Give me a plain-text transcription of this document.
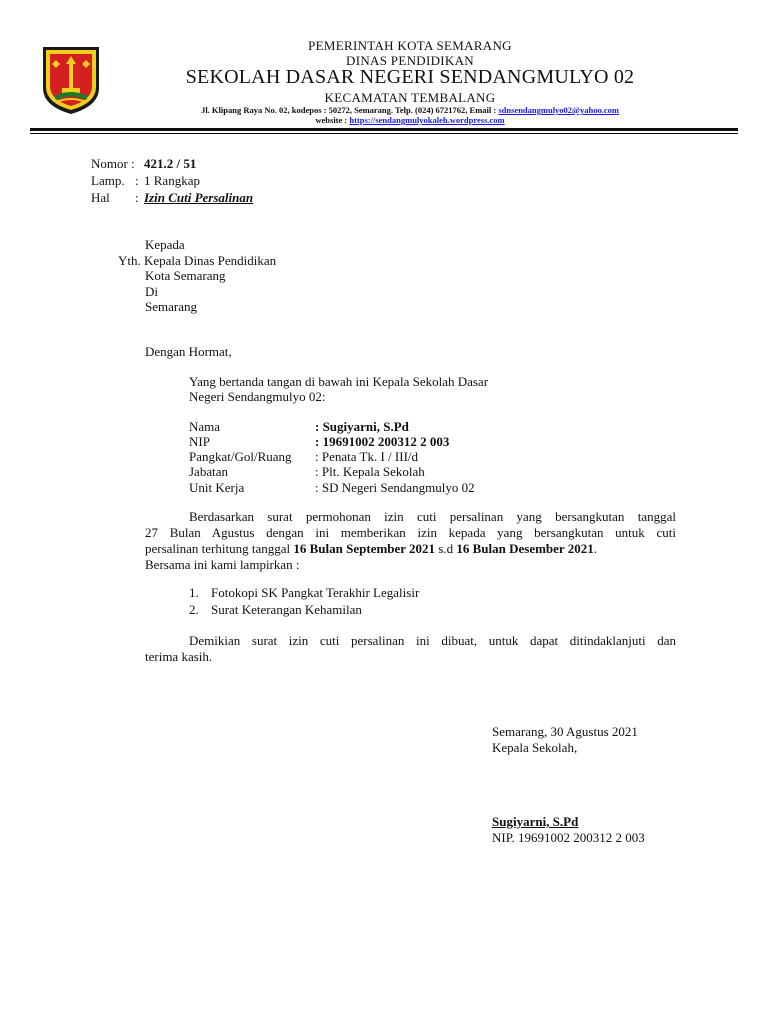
PEMERINTAH KOTA SEMARANG
DINAS PENDIDIKAN
SEKOLAH DASAR NEGERI SENDANGMULYO 02
KECAMATAN TEMBALANG
Jl. Klipang Raya No. 02, kodepos : 50272, Semarang. Telp. (024) 6721762, Email : sdnsendangmulyo02@yahoo.com
website : https://sendangmulyokaleh.wordpress.com
Nomor : 421.2 / 51
Lamp. : 1 Rangkap
Hal : Izin Cuti Persalinan
Kepada
Yth. Kepala Dinas Pendidikan
Kota Semarang
Di
Semarang
Dengan Hormat,
Yang bertanda tangan di bawah ini Kepala Sekolah Dasar
Negeri Sendangmulyo 02:
Nama	: Sugiyarni, S.Pd
NIP	: 19691002 200312 2 003
Pangkat/Gol/Ruang : Penata Tk. I / III/d
Jabatan	: Plt. Kepala Sekolah
Unit Kerja	: SD Negeri Sendangmulyo 02
Berdasarkan surat permohonan izin cuti persalinan yang bersangkutan tanggal
27 Bulan Agustus dengan ini memberikan izin kepada yang bersangkutan untuk cuti
persalinan terhitung tanggal 16 Bulan September 2021 s.d 16 Bulan Desember 2021.
Bersama ini kami lampirkan :
1. Fotokopi SK Pangkat Terakhir Legalisir
2. Surat Keterangan Kehamilan
Demikian surat izin cuti persalinan ini dibuat, untuk dapat ditindaklanjuti dan
terima kasih.
Semarang, 30 Agustus 2021
Kepala Sekolah,
Sugiyarni, S.Pd
NIP. 19691002 200312 2 003
